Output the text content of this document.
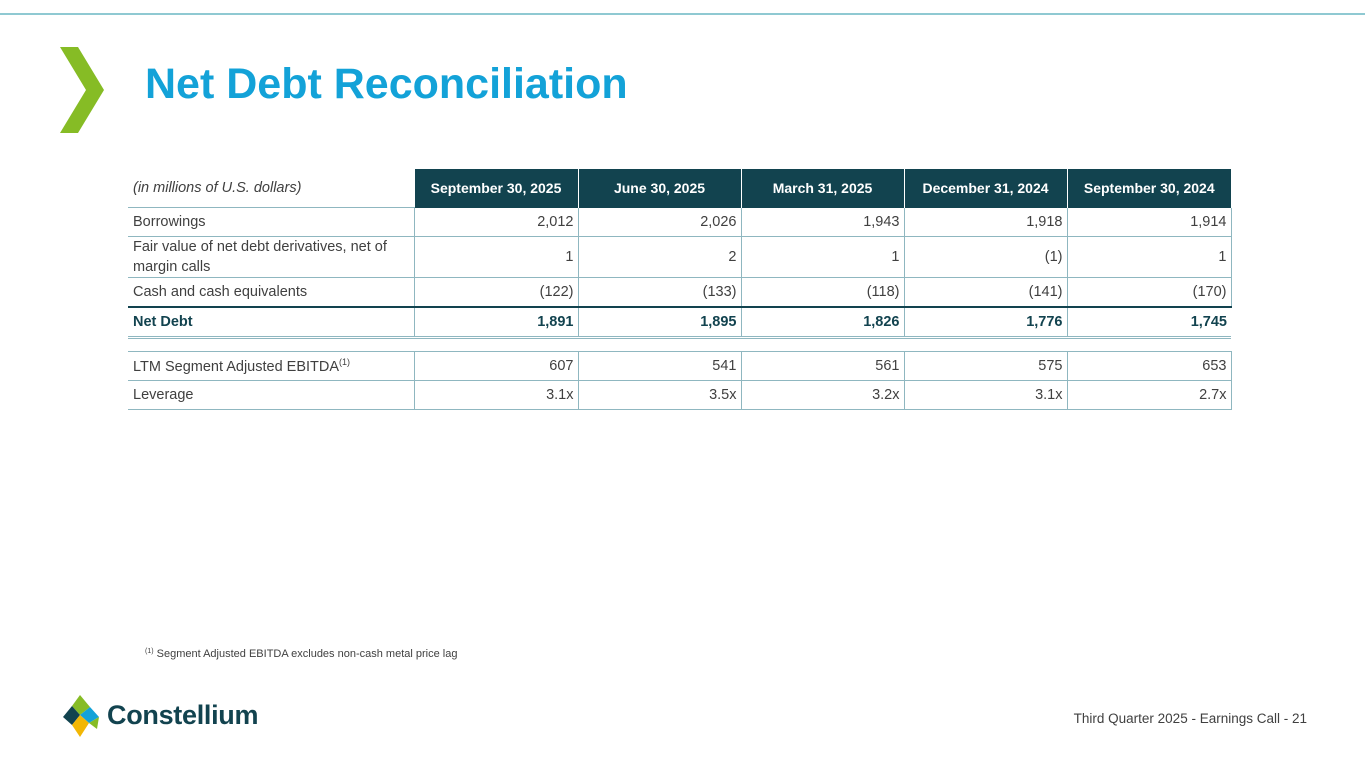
Net Debt Reconciliation
(in millions of U.S. dollars)	September 30, 2025	June 30, 2025	March 31, 2025	December 31, 2024	September 30, 2024
Borrowings	2,012	2,026	1,943	1,918	1,914
Fair value of net debt derivatives, net of margin calls	1	2	1	(1)	1
Cash and cash equivalents	(122)	(133)	(118)	(141)	(170)
Net Debt	1,891	1,895	1,826	1,776	1,745

LTM Segment Adjusted EBITDA$^{(1)}$	607	541	561	575	653
Leverage	3.1x	3.5x	3.2x	3.1x	2.7x
$^{(1)}$ Segment Adjusted EBITDA excludes non-cash metal price lag
Constellium	Third Quarter 2025 - Earnings Call - 21
